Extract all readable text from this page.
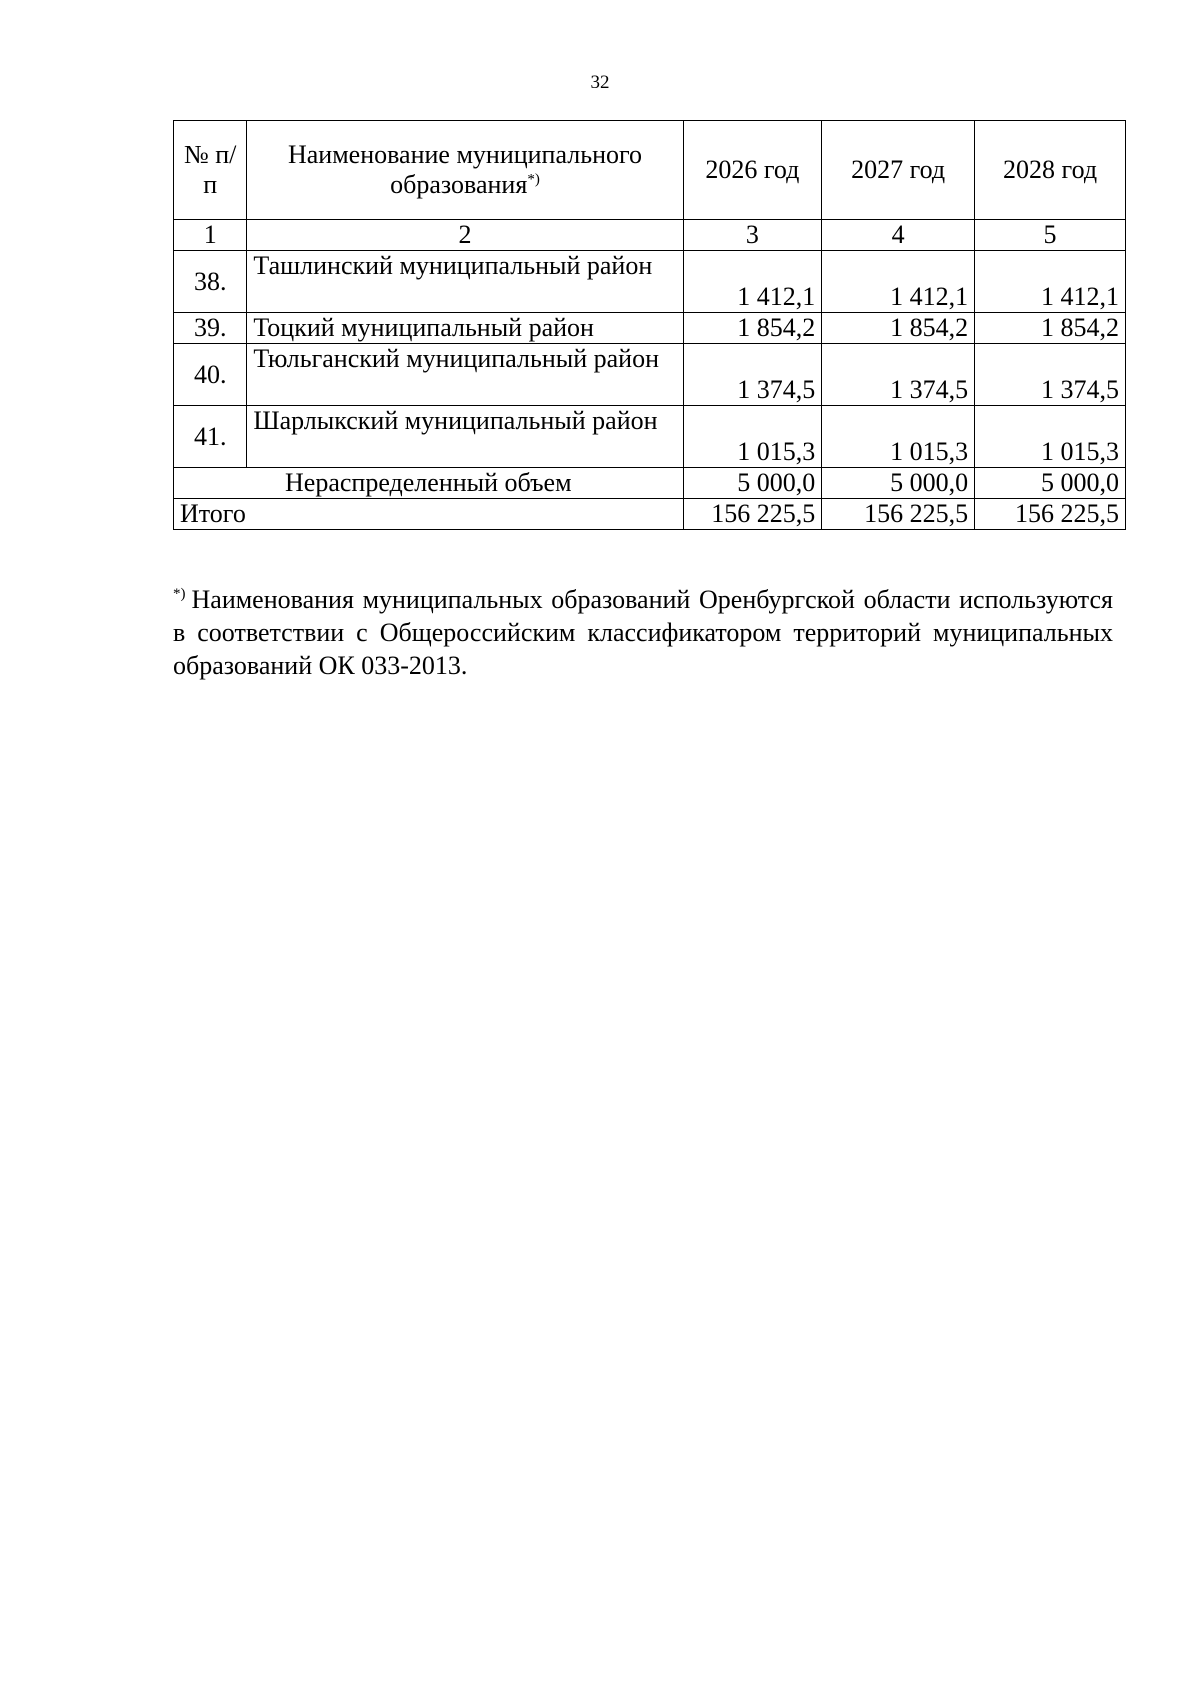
32
№ п/п	Наименование муниципального образования*)	2026 год	2027 год	2028 год
1	2	3	4	5
38.	Ташлинский муниципальный район	1 412,1	1 412,1	1 412,1
39.	Тоцкий муниципальный район	1 854,2	1 854,2	1 854,2
40.	Тюльганский муниципальный район	1 374,5	1 374,5	1 374,5
41.	Шарлыкский муниципальный район	1 015,3	1 015,3	1 015,3
Нераспределенный объем		5 000,0	5 000,0	5 000,0
Итого		156 225,5	156 225,5	156 225,5
*) Наименования муниципальных образований Оренбургской области используются в соответствии с Общероссийским классификатором территорий муниципальных образований ОК 033-2013.
